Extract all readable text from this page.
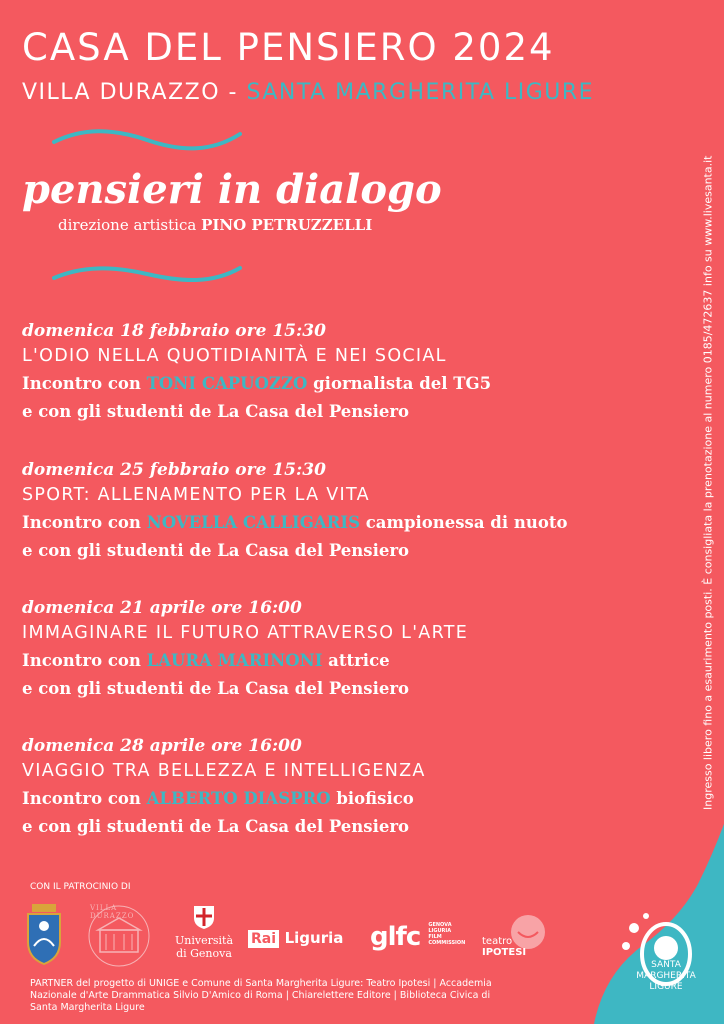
CASA DEL PENSIERO 2024
VILLA DURAZZO - SANTA MARGHERITA LIGURE
pensieri in dialogo
direzione artistica PINO PETRUZZELLI
domenica 18 febbraio ore 15:30
L'ODIO NELLA QUOTIDIANITÀ E NEI SOCIAL
Incontro con TONI CAPUOZZO giornalista del TG5
e con gli studenti de La Casa del Pensiero
domenica 25 febbraio ore 15:30
SPORT: ALLENAMENTO PER LA VITA
Incontro con NOVELLA CALLIGARIS campionessa di nuoto
e con gli studenti de La Casa del Pensiero
domenica 21 aprile ore 16:00
IMMAGINARE IL FUTURO ATTRAVERSO L'ARTE
Incontro con LAURA MARINONI attrice
e con gli studenti de La Casa del Pensiero
domenica 28 aprile ore 16:00
VIAGGIO TRA BELLEZZA E INTELLIGENZA
Incontro con ALBERTO DIASPRO biofisico
e con gli studenti de La Casa del Pensiero
Ingresso libero fino a esaurimento posti. È consigliata la prenotazione al numero 0185/472637 info su www.livesanta.it
CON IL PATROCINIO DI
VILLA DURAZZO
Università
di Genova
Rai Liguria glfc GENOVA
LIGURIA
FILM
COMMISSION teatro
IPOTESI
PARTNER del progetto di UNIGE e Comune di Santa Margherita Ligure: Teatro Ipotesi | Accademia Nazionale d'Arte Drammatica Silvio D'Amico di Roma | Chiarelettere Editore | Biblioteca Civica di Santa Margherita Ligure
SANTA
MARGHERITA
LIGURE
